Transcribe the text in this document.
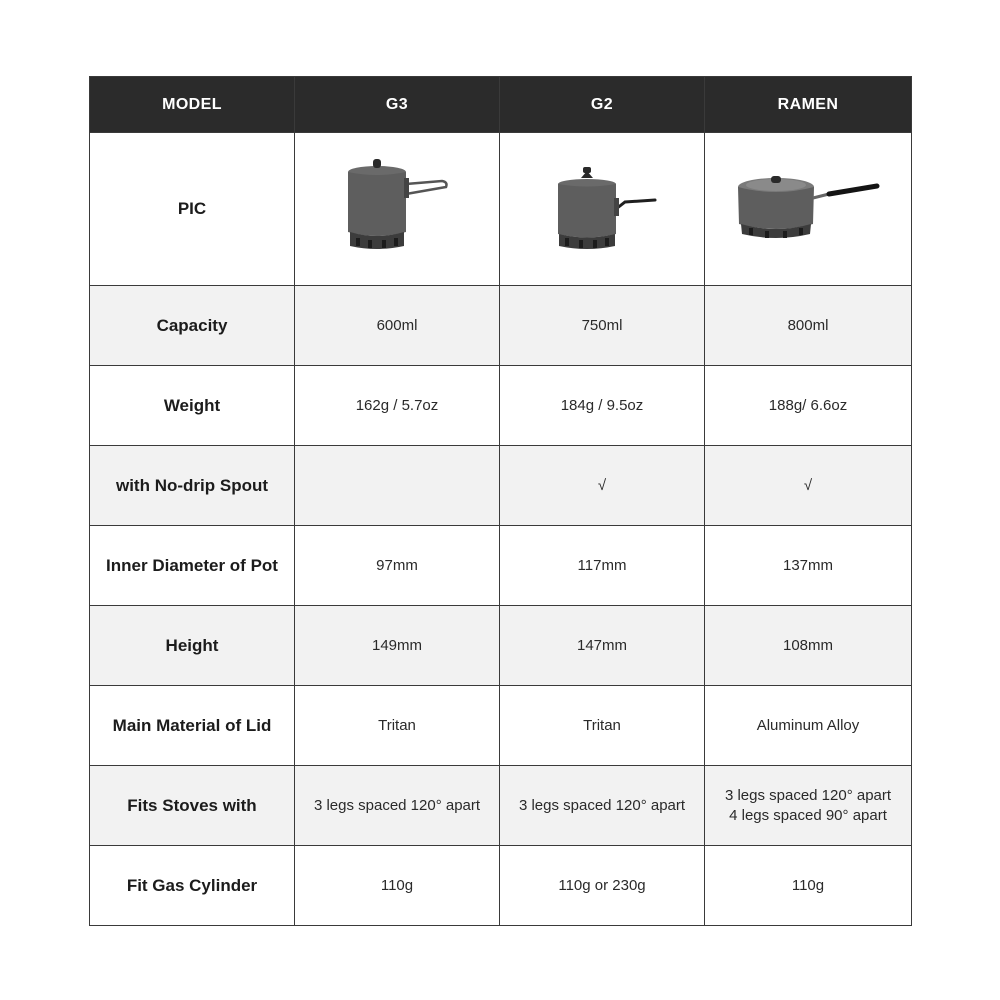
MODEL	G3	G2	RAMEN
PIC	

Capacity	600ml	750ml	800ml

Weight	162g / 5.7oz	184g / 9.5oz	188g/ 6.6oz

with No-drip Spout		√	√

Inner Diameter of Pot	97mm	117mm	137mm

Height	149mm	147mm	108mm

Main Material of Lid	Tritan	Tritan	Aluminum Alloy

Fits Stoves with	3 legs spaced 120° apart	3 legs spaced 120° apart	3 legs spaced 120° apart
4 legs spaced 90° apart

Fit Gas Cylinder	110g	110g or 230g	110g
